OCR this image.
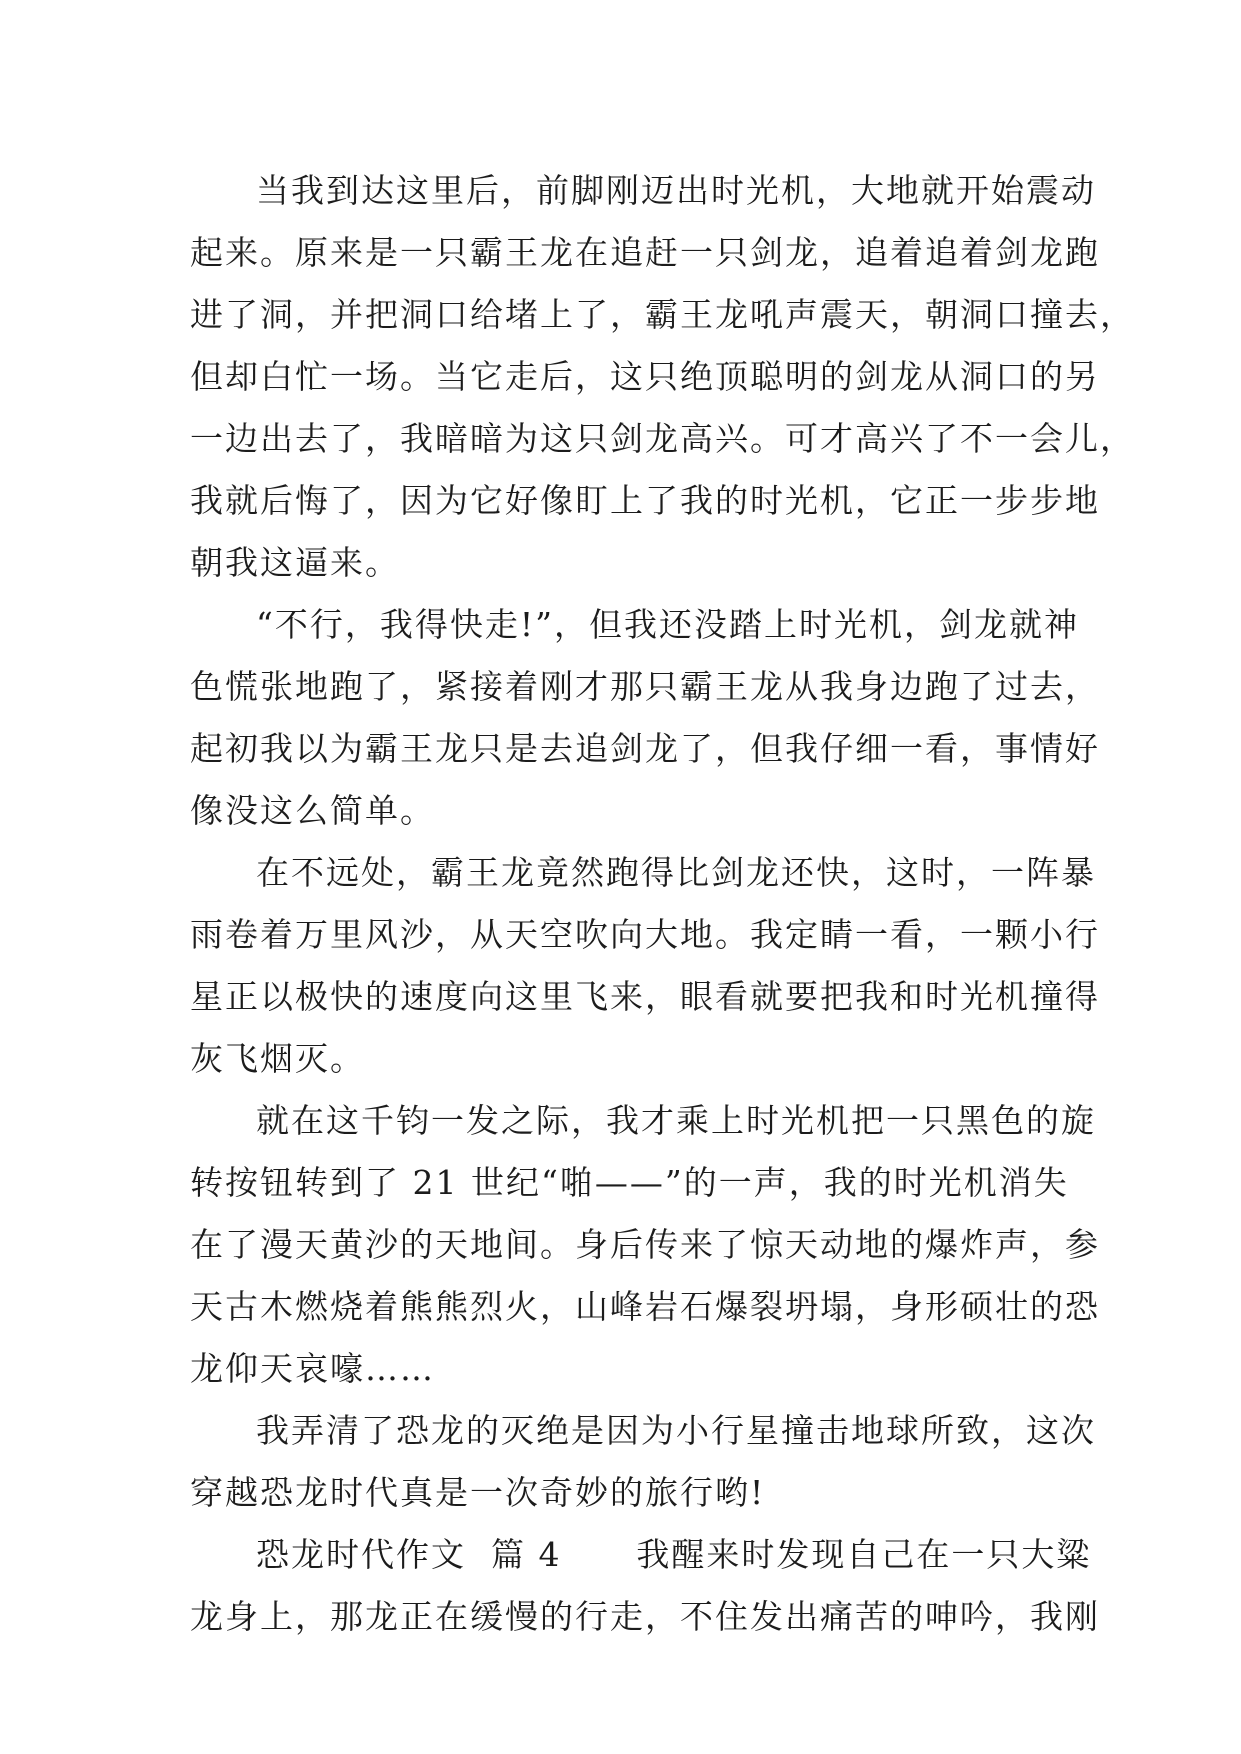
当我到达这里后，前脚刚迈出时光机，大地就开始震动
起来。原来是一只霸王龙在追赶一只剑龙，追着追着剑龙跑
进了洞，并把洞口给堵上了，霸王龙吼声震天，朝洞口撞去，
但却白忙一场。当它走后，这只绝顶聪明的剑龙从洞口的另
一边出去了，我暗暗为这只剑龙高兴。可才高兴了不一会儿，
我就后悔了，因为它好像盯上了我的时光机，它正一步步地
朝我这逼来。
“不行，我得快走!”，但我还没踏上时光机，剑龙就神
色慌张地跑了，紧接着刚才那只霸王龙从我身边跑了过去，
起初我以为霸王龙只是去追剑龙了，但我仔细一看，事情好
像没这么简单。
在不远处，霸王龙竟然跑得比剑龙还快，这时，一阵暴
雨卷着万里风沙，从天空吹向大地。我定睛一看，一颗小行
星正以极快的速度向这里飞来，眼看就要把我和时光机撞得
灰飞烟灭。
就在这千钧一发之际，我才乘上时光机把一只黑色的旋
转按钮转到了 21 世纪“啪——”的一声，我的时光机消失
在了漫天黄沙的天地间。身后传来了惊天动地的爆炸声，参
天古木燃烧着熊熊烈火，山峰岩石爆裂坍塌，身形硕壮的恐
龙仰天哀嚎……
我弄清了恐龙的灭绝是因为小行星撞击地球所致，这次
穿越恐龙时代真是一次奇妙的旅行哟!
恐龙时代作文  篇 4      我醒来时发现自己在一只大粱
龙身上，那龙正在缓慢的行走，不住发出痛苦的呻吟，我刚
